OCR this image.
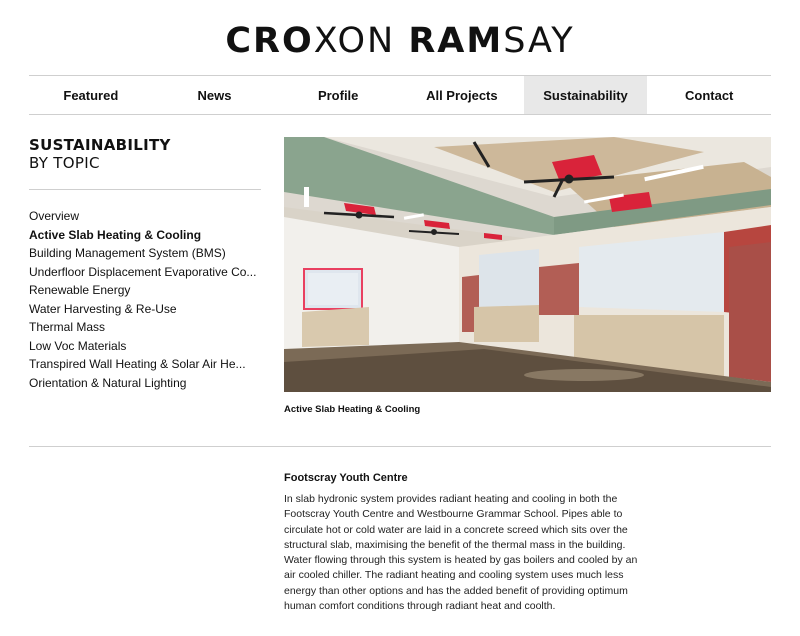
CROXON RAMSAY
Featured	News	Profile	All Projects	Sustainability	Contact
SUSTAINABILITY
BY TOPIC
Overview
Active Slab Heating & Cooling
Building Management System (BMS)
Underfloor Displacement Evaporative Co...
Renewable Energy
Water Harvesting & Re-Use
Thermal Mass
Low Voc Materials
Transpired Wall Heating & Solar Air He...
Orientation & Natural Lighting
Active Slab Heating & Cooling
Footscray Youth Centre

In slab hydronic system provides radiant heating and cooling in both the Footscray Youth Centre and Westbourne Grammar School. Pipes able to circulate hot or cold water are laid in a concrete screed which sits over the structural slab, maximising the benefit of the thermal mass in the building. Water flowing through this system is heated by gas boilers and cooled by an air cooled chiller. The radiant heating and cooling system uses much less energy than other options and has the added benefit of providing optimum human comfort conditions through radiant heat and coolth.
